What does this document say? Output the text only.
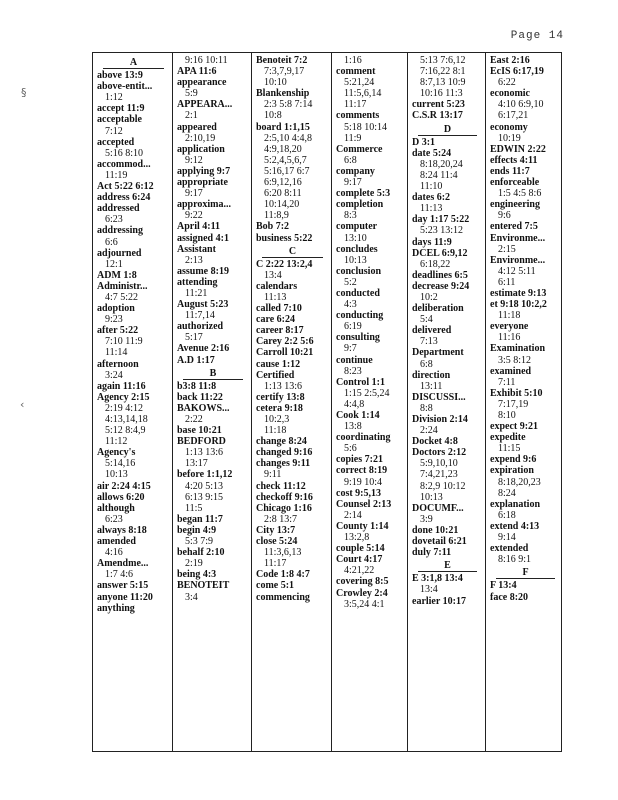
Page 14
§
‹
A
above 13:9
above-entit...
1:12
accept 11:9
acceptable
7:12
accepted
5:16 8:10
accommod...
11:19
Act 5:22 6:12
address 6:24
addressed
6:23
addressing
6:6
adjourned
12:1
ADM 1:8
Administr...
4:7 5:22
adoption
9:23
after 5:22
7:10 11:9
11:14
afternoon
3:24
again 11:16
Agency 2:15
2:19 4:12
4:13,14,18
5:12 8:4,9
11:12
Agency's
5:14,16
10:13
air 2:24 4:15
allows 6:20
although
6:23
always 8:18
amended
4:16
Amendme...
1:7 4:6
answer 5:15
anyone 11:20
anything
9:16 10:11
APA 11:6
appearance
5:9
APPEARA...
2:1
appeared
2:10,19
application
9:12
applying 9:7
appropriate
9:17
approxima...
9:22
April 4:11
assigned 4:1
Assistant
2:13
assume 8:19
attending
11:21
August 5:23
11:7,14
authorized
5:17
Avenue 2:16
A.D 1:17
B
b3:8 11:8
back 11:22
BAKOWS...
2:22
base 10:21
BEDFORD
1:13 13:6
13:17
before 1:1,12
4:20 5:13
6:13 9:15
11:5
began 11:7
begin 4:9
5:3 7:9
behalf 2:10
2:19
being 4:3
BENOTEIT
3:4
Benoteit 7:2
7:3,7,9,17
10:10
Blankenship
2:3 5:8 7:14
10:8
board 1:1,15
2:5,10 4:4,8
4:9,18,20
5:2,4,5,6,7
5:16,17 6:7
6:9,12,16
6:20 8:11
10:14,20
11:8,9
Bob 7:2
business 5:22
C
C 2:22 13:2,4
13:4
calendars
11:13
called 7:10
care 6:24
career 8:17
Carey 2:2 5:6
Carroll 10:21
cause 1:12
Certified
1:13 13:6
certify 13:8
cetera 9:18
10:2,3
11:18
change 8:24
changed 9:16
changes 9:11
9:11
check 11:12
checkoff 9:16
Chicago 1:16
2:8 13:7
City 13:7
close 5:24
11:3,6,13
11:17
Code 1:8 4:7
come 5:1
commencing
1:16
comment
5:21,24
11:5,6,14
11:17
comments
5:18 10:14
11:9
Commerce
6:8
company
9:17
complete 5:3
completion
8:3
computer
13:10
concludes
10:13
conclusion
5:2
conducted
4:3
conducting
6:19
consulting
9:7
continue
8:23
Control 1:1
1:15 2:5,24
4:4,8
Cook 1:14
13:8
coordinating
5:6
copies 7:21
correct 8:19
9:19 10:4
cost 9:5,13
Counsel 2:13
2:14
County 1:14
13:2,8
couple 5:14
Court 4:17
4:21,22
covering 8:5
Crowley 2:4
3:5,24 4:1
5:13 7:6,12
7:16,22 8:1
8:7,13 10:9
10:16 11:3
current 5:23
C.S.R 13:17
D
D 3:1
date 5:24
8:18,20,24
8:24 11:4
11:10
dates 6:2
11:13
day 1:17 5:22
5:23 13:12
days 11:9
DCEL 6:9,12
6:18,22
deadlines 6:5
decrease 9:24
10:2
deliberation
5:4
delivered
7:13
Department
6:8
direction
13:11
DISCUSSI...
8:8
Division 2:14
2:24
Docket 4:8
Doctors 2:12
5:9,10,10
7:4,21,23
8:2,9 10:12
10:13
DOCUMF...
3:9
done 10:21
dovetail 6:21
duly 7:11
E
E 3:1,8 13:4
13:4
earlier 10:17
East 2:16
EcIS 6:17,19
6:22
economic
4:10 6:9,10
6:17,21
economy
10:19
EDWIN 2:22
effects 4:11
ends 11:7
enforceable
1:5 4:5 8:6
engineering
9:6
entered 7:5
Environme...
2:15
Environme...
4:12 5:11
6:11
estimate 9:13
et 9:18 10:2,2
11:18
everyone
11:16
Examination
3:5 8:12
examined
7:11
Exhibit 5:10
7:17,19
8:10
expect 9:21
expedite
11:15
expend 9:6
expiration
8:18,20,23
8:24
explanation
6:18
extend 4:13
9:14
extended
8:16 9:1
F
F 13:4
face 8:20
